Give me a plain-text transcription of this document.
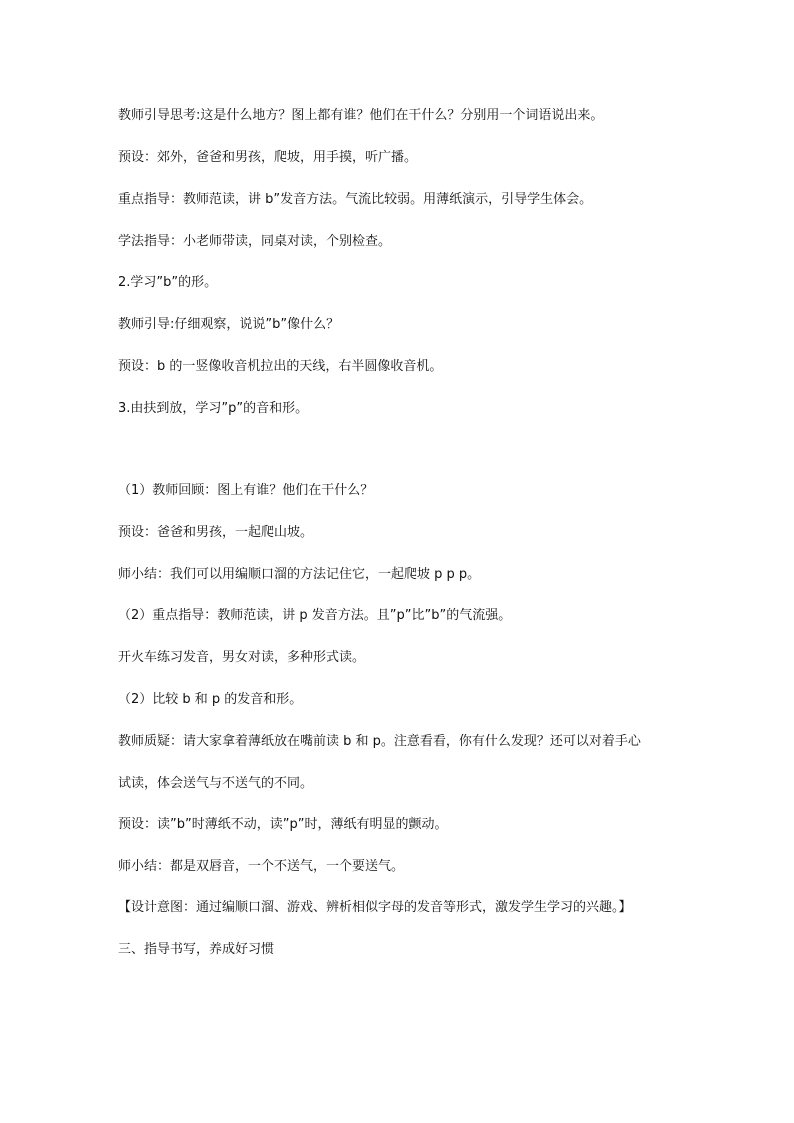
教师引导思考:这是什么地方？图上都有谁？他们在干什么？分别用一个词语说出来。
预设：郊外，爸爸和男孩，爬坡，用手摸，听广播。
重点指导：教师范读，讲 b”发音方法。气流比较弱。用薄纸演示，引导学生体会。
学法指导：小老师带读，同桌对读，个别检查。
2.学习”b”的形。
教师引导:仔细观察，说说”b”像什么？
预设：b 的一竖像收音机拉出的天线，右半圆像收音机。
3.由扶到放，学习”p”的音和形。
（1）教师回顾：图上有谁？他们在干什么？
预设：爸爸和男孩，一起爬山坡。
师小结：我们可以用编顺口溜的方法记住它，一起爬坡 p p p。
（2）重点指导：教师范读，讲 p 发音方法。且”p”比”b”的气流强。
开火车练习发音，男女对读，多种形式读。
（2）比较 b 和 p 的发音和形。
教师质疑：请大家拿着薄纸放在嘴前读 b 和 p。注意看看，你有什么发现？还可以对着手心
试读，体会送气与不送气的不同。
预设：读”b”时薄纸不动，读”p”时，薄纸有明显的颤动。
师小结：都是双唇音，一个不送气，一个要送气。
【设计意图：通过编顺口溜、游戏、辨析相似字母的发音等形式，激发学生学习的兴趣。】
三、指导书写，养成好习惯
